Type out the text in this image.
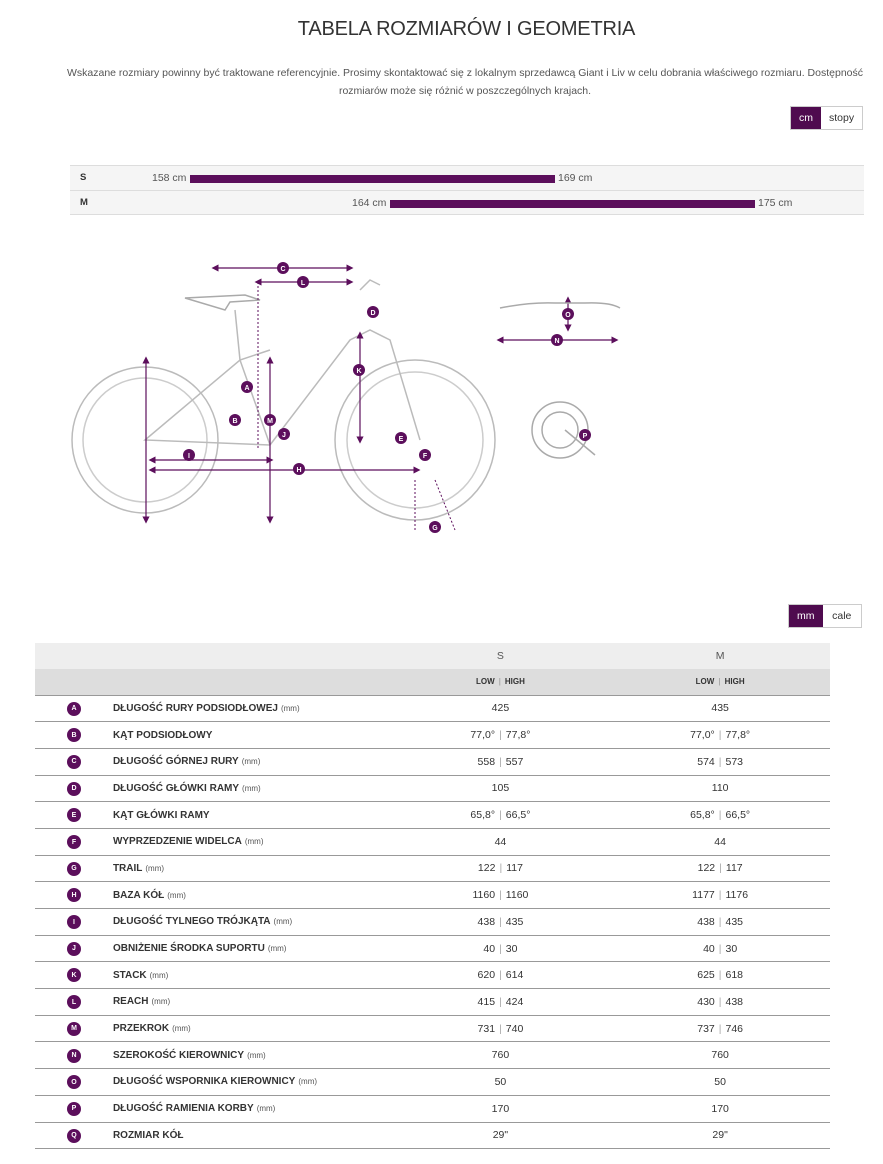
TABELA ROZMIARÓW I GEOMETRIA
Wskazane rozmiary powinny być traktowane referencyjnie. Prosimy skontaktować się z lokalnym sprzedawcą Giant i Liv w celu dobrania właściwego rozmiaru. Dostępność rozmiarów może się różnić w poszczególnych krajach.
cm	stopy
S	158 cm	169 cm
M	164 cm	175 cm
A
B
C
D
E
F
G
H
I
J
K
L
M
N
O
P
mm	cale
		S	M
		LOW | HIGH	LOW | HIGH
A	DŁUGOŚĆ RURY PODSIODŁOWEJ (mm)	425	435
B	KĄT PODSIODŁOWY	77,0° | 77,8°	77,0° | 77,8°
C	DŁUGOŚĆ GÓRNEJ RURY (mm)	558 | 557	574 | 573
D	DŁUGOŚĆ GŁÓWKI RAMY (mm)	105	110
E	KĄT GŁÓWKI RAMY	65,8° | 66,5°	65,8° | 66,5°
F	WYPRZEDZENIE WIDELCA (mm)	44	44
G	TRAIL (mm)	122 | 117	122 | 117
H	BAZA KÓŁ (mm)	1160 | 1160	1177 | 1176
I	DŁUGOŚĆ TYLNEGO TRÓJKĄTA (mm)	438 | 435	438 | 435
J	OBNIŻENIE ŚRODKA SUPORTU (mm)	40 | 30	40 | 30
K	STACK (mm)	620 | 614	625 | 618
L	REACH (mm)	415 | 424	430 | 438
M	PRZEKROK (mm)	731 | 740	737 | 746
N	SZEROKOŚĆ KIEROWNICY (mm)	760	760
O	DŁUGOŚĆ WSPORNIKA KIEROWNICY (mm)	50	50
P	DŁUGOŚĆ RAMIENIA KORBY (mm)	170	170
Q	ROZMIAR KÓŁ	29"	29"
